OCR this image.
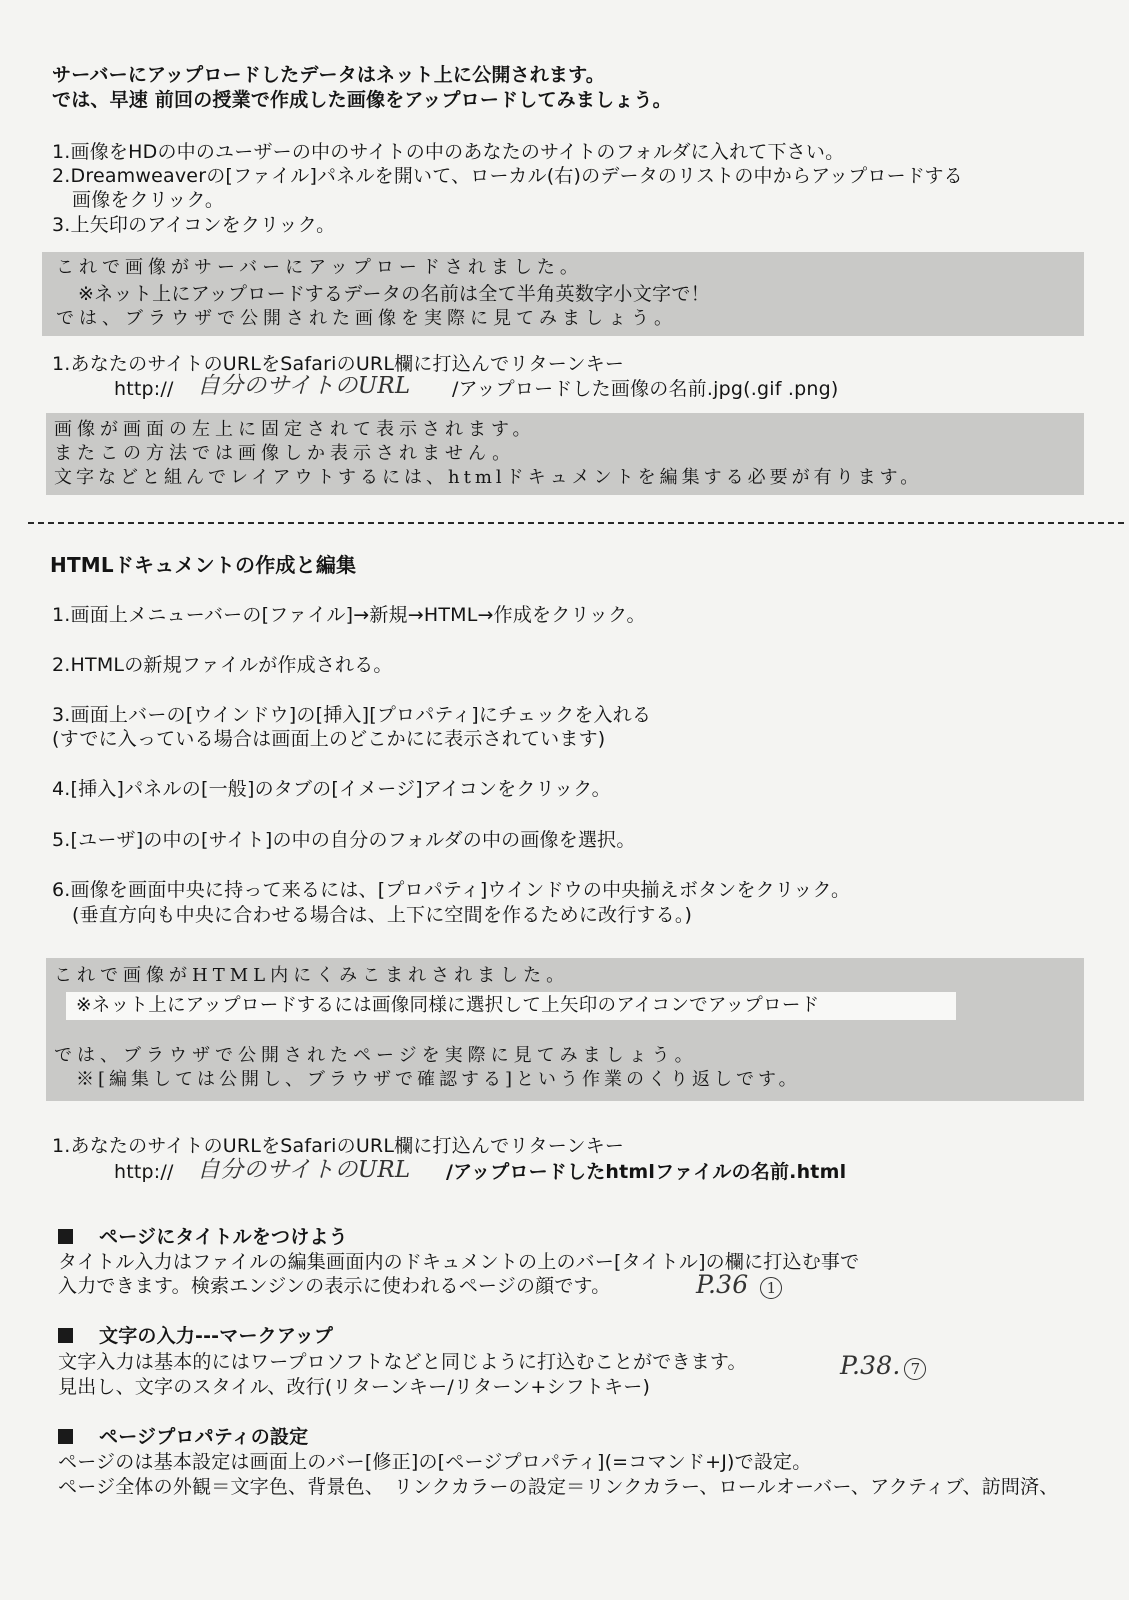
サーバーにアップロードしたデータはネット上に公開されます。
では、早速 前回の授業で作成した画像をアップロードしてみましょう。
1.画像をHDの中のユーザーの中のサイトの中のあなたのサイトのフォルダに入れて下さい。
2.Dreamweaverの[ファイル]パネルを開いて、ローカル(右)のデータのリストの中からアップロードする
画像をクリック。
3.上矢印のアイコンをクリック。
これで画像がサーバーにアップロードされました。
※ネット上にアップロードするデータの名前は全て半角英数字小文字で！
では、ブラウザで公開された画像を実際に見てみましょう。
1.あなたのサイトのURLをSafariのURL欄に打込んでリターンキー
http:// 自分のサイトのURL /アップロードした画像の名前.jpg(.gif .png)
画像が画面の左上に固定されて表示されます。
またこの方法では画像しか表示されません。
文字などと組んでレイアウトするには、htmlドキュメントを編集する必要が有ります。
HTMLドキュメントの作成と編集
1.画面上メニューバーの[ファイル]→新規→HTML→作成をクリック。
2.HTMLの新規ファイルが作成される。
3.画面上バーの[ウインドウ]の[挿入][プロパティ]にチェックを入れる
(すでに入っている場合は画面上のどこかにに表示されています)
4.[挿入]パネルの[一般]のタブの[イメージ]アイコンをクリック。
5.[ユーザ]の中の[サイト]の中の自分のフォルダの中の画像を選択。
6.画像を画面中央に持って来るには、[プロパティ]ウインドウの中央揃えボタンをクリック。
(垂直方向も中央に合わせる場合は、上下に空間を作るために改行する。)
これで画像がHTML内にくみこまれされました。
※ネット上にアップロードするには画像同様に選択して上矢印のアイコンでアップロード
では、ブラウザで公開されたページを実際に見てみましょう。
※[編集しては公開し、ブラウザで確認する]という作業のくり返しです。
1.あなたのサイトのURLをSafariのURL欄に打込んでリターンキー
http:// 自分のサイトのURL /アップロードしたhtmlファイルの名前.html
ページにタイトルをつけよう
タイトル入力はファイルの編集画面内のドキュメントの上のバー[タイトル]の欄に打込む事で
入力できます。検索エンジンの表示に使われるページの顔です。	P.36 1
文字の入力---マークアップ
文字入力は基本的にはワープロソフトなどと同じように打込むことができます。
見出し、文字のスタイル、改行(リターンキー/リターン+シフトキー)
P.38. 7
ページプロパティの設定
ページのは基本設定は画面上のバー[修正]の[ページプロパティ](=コマンド+J)で設定。
ページ全体の外観＝文字色、背景色、　リンクカラーの設定＝リンクカラー、ロールオーバー、アクティブ、訪問済、
